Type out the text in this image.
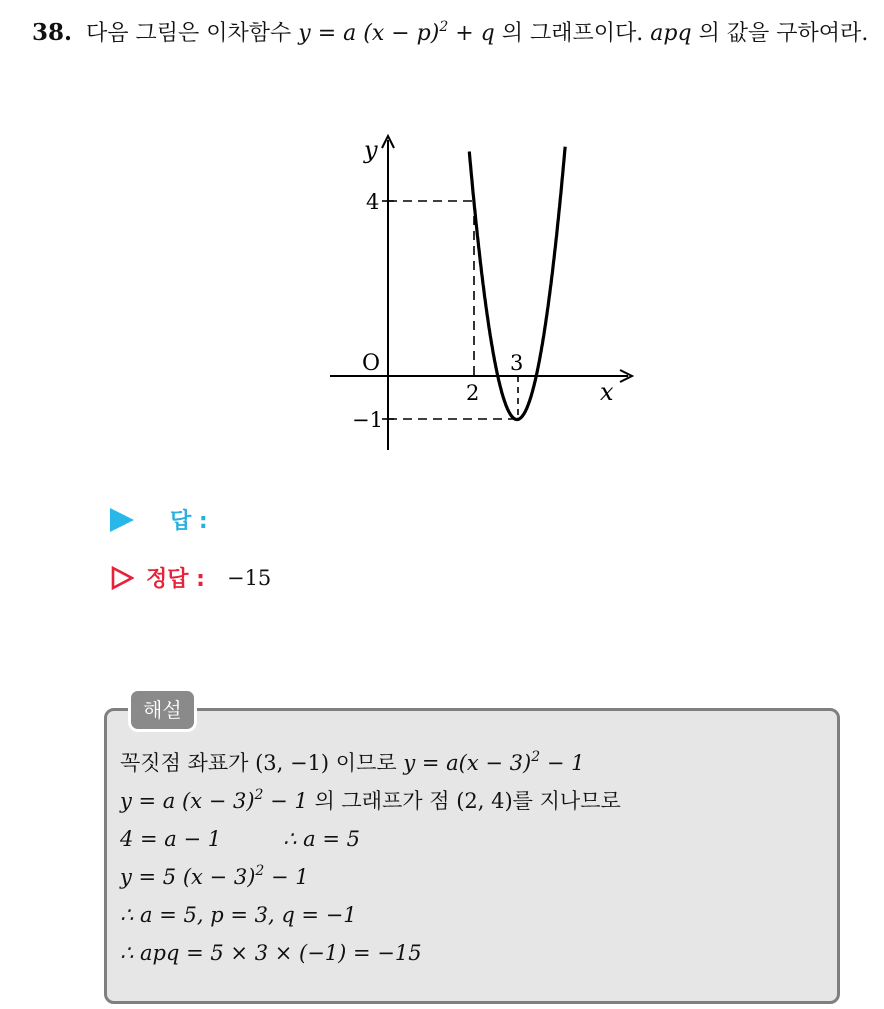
38. 다음 그림은 이차함수 y = a $(x - p)^2 + q$ 의 그래프이다. apq 의 값을 구하여라.
y
x
O
2
3
4
−1
답 :
정답 : −15
해설
꼭짓점 좌표가 (3, −1) 이므로 $y = a(x - 3)^2 - 1$
y = a $(x - 3)^2 - 1$ 의 그래프가 점 (2, 4)를 지나므로
4 = a − 1	∴ a = 5
y = 5 $(x - 3)^2 - 1$
∴ a = 5, p = 3, q = −1
∴ apq = 5 × 3 × (−1) = −15
